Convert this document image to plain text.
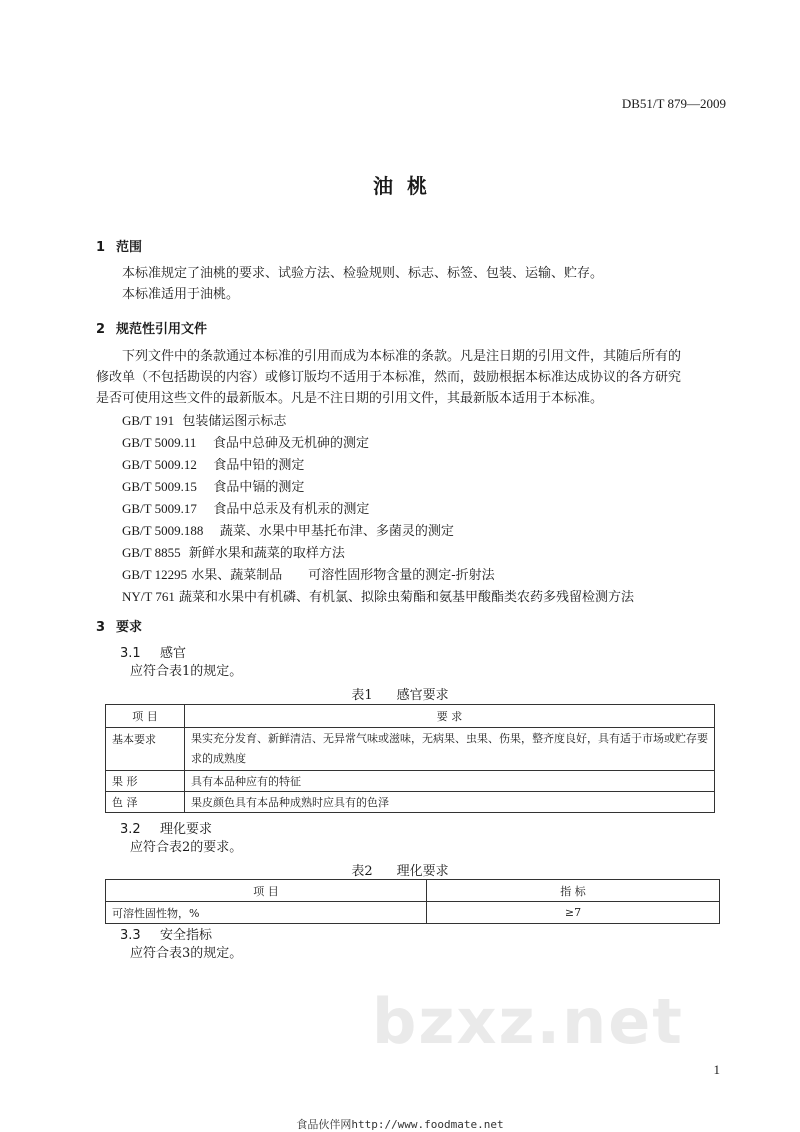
DB51/T 879—2009
油桃
1 范围
本标准规定了油桃的要求、试验方法、检验规则、标志、标签、包装、运输、贮存。
本标准适用于油桃。
2 规范性引用文件
下列文件中的条款通过本标准的引用而成为本标准的条款。凡是注日期的引用文件，其随后所有的
修改单（不包括勘误的内容）或修订版均不适用于本标准，然而，鼓励根据本标准达成协议的各方研究
是否可使用这些文件的最新版本。凡是不注日期的引用文件，其最新版本适用于本标准。
GB/T 191 包装储运图示标志
GB/T 5009.11 食品中总砷及无机砷的测定
GB/T 5009.12 食品中铅的测定
GB/T 5009.15 食品中镉的测定
GB/T 5009.17 食品中总汞及有机汞的测定
GB/T 5009.188 蔬菜、水果中甲基托布津、多菌灵的测定
GB/T 8855 新鲜水果和蔬菜的取样方法
GB/T 12295 水果、蔬菜制品　　可溶性固形物含量的测定-折射法
NY/T 761 蔬菜和水果中有机磷、有机氯、拟除虫菊酯和氨基甲酸酯类农药多残留检测方法
3 要求
3.1 感官
应符合表1的规定。
表1 感官要求
项 目	要 求
基本要求	果实充分发育、新鲜清洁、无异常气味或滋味，无病果、虫果、伤果，整齐度良好，具有适于市场或贮存要求的成熟度
果 形	具有本品种应有的特征
色 泽	果皮颜色具有本品种成熟时应具有的色泽
3.2 理化要求
应符合表2的要求。
表2 理化要求
项 目	指 标
可溶性固性物，%	≥7
3.3 安全指标
应符合表3的规定。
bzxz.net
1
食品伙伴网http://www.foodmate.net
